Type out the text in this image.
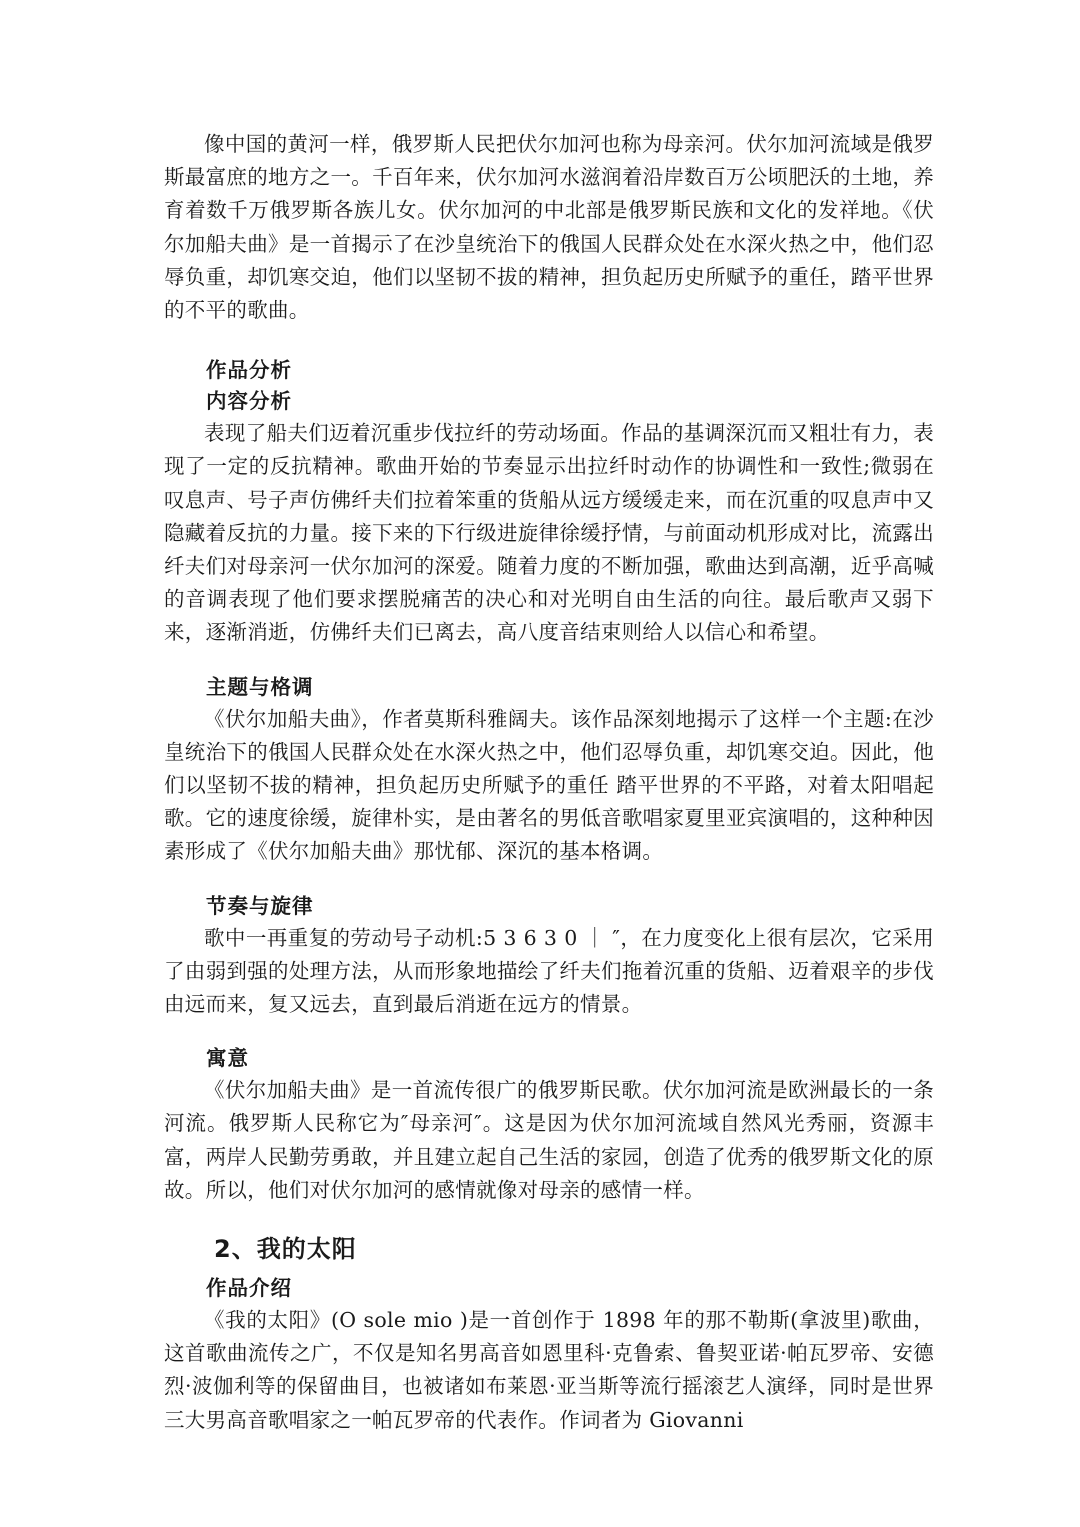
像中国的黄河一样，俄罗斯人民把伏尔加河也称为母亲河。伏尔加河流域是俄罗斯最富庶的地方之一。千百年来，伏尔加河水滋润着沿岸数百万公顷肥沃的土地，养育着数千万俄罗斯各族儿女。伏尔加河的中北部是俄罗斯民族和文化的发祥地。《伏尔加船夫曲》是一首揭示了在沙皇统治下的俄国人民群众处在水深火热之中，他们忍辱负重，却饥寒交迫，他们以坚韧不拔的精神，担负起历史所赋予的重任，踏平世界的不平的歌曲。

作品分析
内容分析

表现了船夫们迈着沉重步伐拉纤的劳动场面。作品的基调深沉而又粗壮有力，表现了一定的反抗精神。歌曲开始的节奏显示出拉纤时动作的协调性和一致性;微弱在叹息声、号子声仿佛纤夫们拉着笨重的货船从远方缓缓走来，而在沉重的叹息声中又隐藏着反抗的力量。接下来的下行级进旋律徐缓抒情，与前面动机形成对比，流露出纤夫们对母亲河一伏尔加河的深爱。随着力度的不断加强，歌曲达到高潮，近乎高喊的音调表现了他们要求摆脱痛苦的决心和对光明自由生活的向往。最后歌声又弱下来，逐渐消逝，仿佛纤夫们已离去，高八度音结束则给人以信心和希望。

主题与格调

《伏尔加船夫曲》，作者莫斯科雅阔夫。该作品深刻地揭示了这样一个主题:在沙皇统治下的俄国人民群众处在水深火热之中，他们忍辱负重，却饥寒交迫。因此，他们以坚韧不拔的精神，担负起历史所赋予的重任 踏平世界的不平路，对着太阳唱起歌。它的速度徐缓，旋律朴实，是由著名的男低音歌唱家夏里亚宾演唱的，这种种因素形成了《伏尔加船夫曲》那忧郁、深沉的基本格调。

节奏与旋律

歌中一再重复的劳动号子动机:5 3 6 3 0 ｜ ″，在力度变化上很有层次，它采用了由弱到强的处理方法，从而形象地描绘了纤夫们拖着沉重的货船、迈着艰辛的步伐由远而来，复又远去，直到最后消逝在远方的情景。

寓意

《伏尔加船夫曲》是一首流传很广的俄罗斯民歌。伏尔加河流是欧洲最长的一条河流。俄罗斯人民称它为″母亲河″。这是因为伏尔加河流域自然风光秀丽，资源丰富，两岸人民勤劳勇敢，并且建立起自己生活的家园，创造了优秀的俄罗斯文化的原故。所以，他们对伏尔加河的感情就像对母亲的感情一样。

2、我的太阳
作品介绍

《我的太阳》(O sole mio )是一首创作于 1898 年的那不勒斯(拿波里)歌曲，这首歌曲流传之广，不仅是知名男高音如恩里科·克鲁索、鲁契亚诺·帕瓦罗帝、安德烈·波伽利等的保留曲目，也被诸如布莱恩·亚当斯等流行摇滚艺人演绎，同时是世界三大男高音歌唱家之一帕瓦罗帝的代表作。作词者为 Giovanni
